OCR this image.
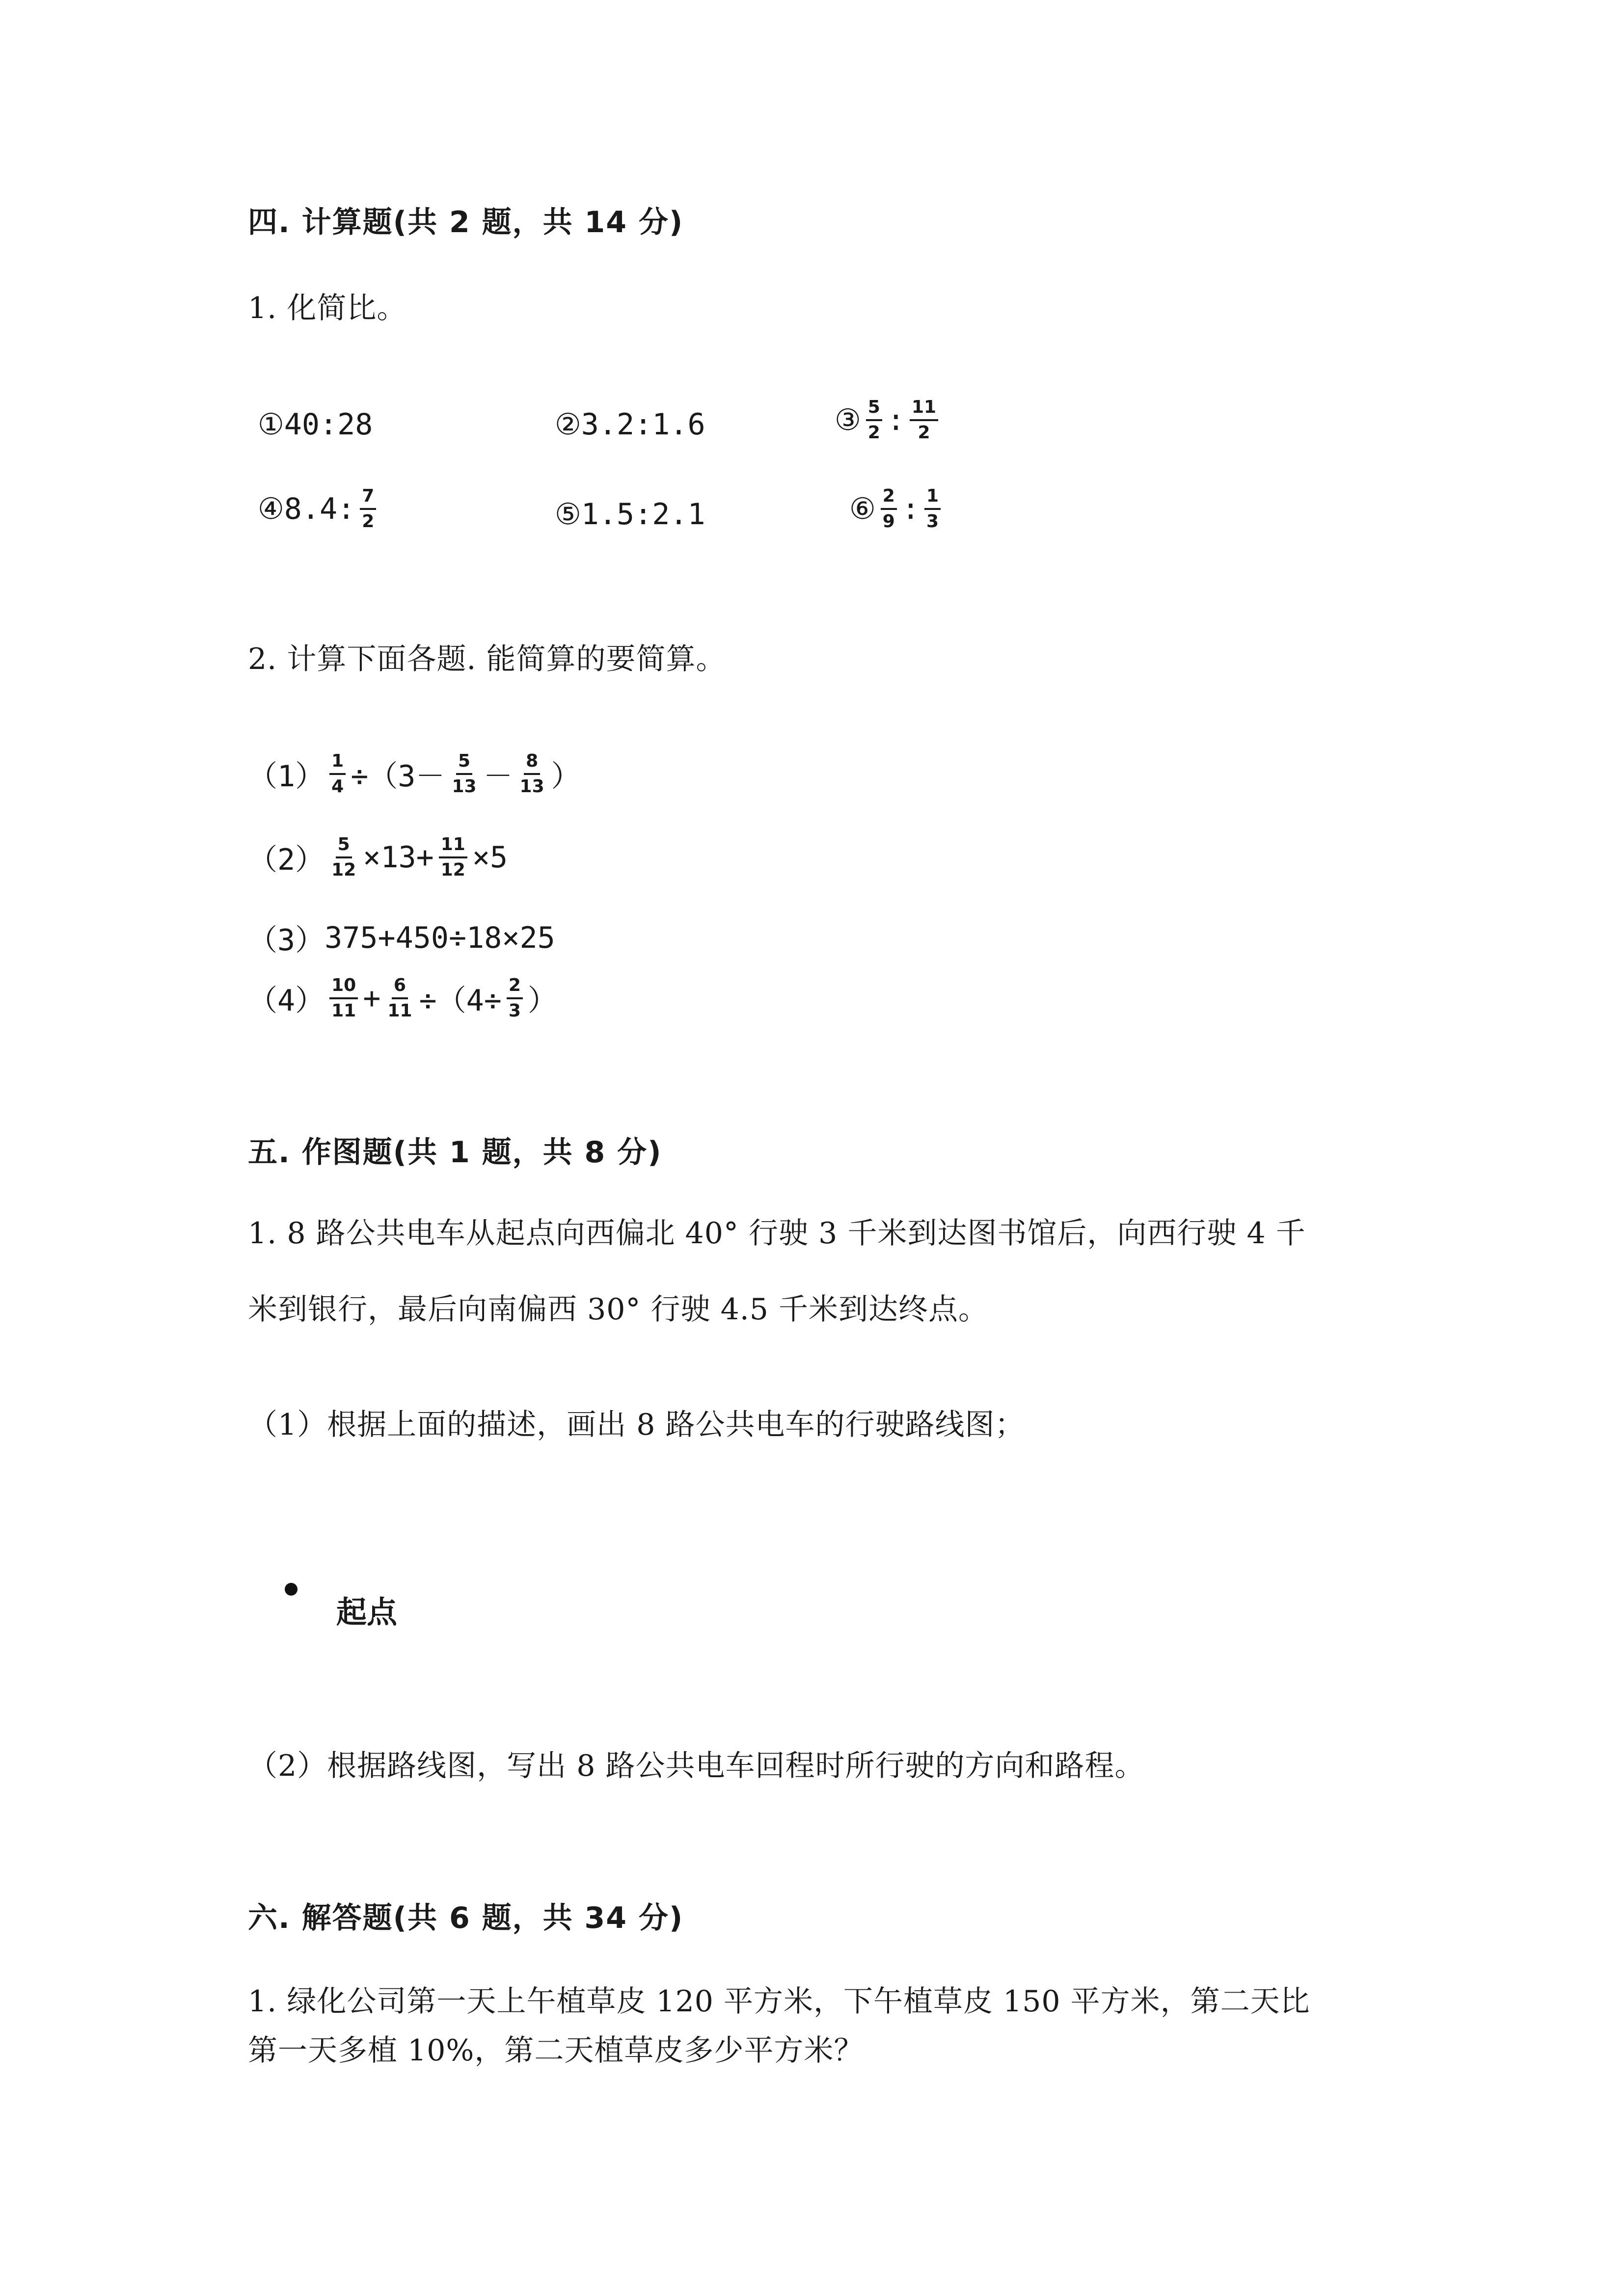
四. 计算题(共 2 题，共 14 分)
1. 化简比。
① 40:28	② 3.2:1.6	③ $\frac{5}{2}$ : $\frac{11}{2}$
④ 8.4: $\frac{7}{2}$	⑤ 1.5:2.1	⑥ $\frac{2}{9}$ : $\frac{1}{3}$
2. 计算下面各题. 能简算的要简算。
$(1) \frac{1}{4} \div(3- \frac{5}{13} - \frac{8}{13}$ ）
$(2) \frac{5}{12} \times 13+ \frac{11}{12} \times 5$
（3） 375+450÷18×25
$(4) \frac{10}{11} + \frac{6}{11} \div(4\div \frac{2}{3}$ ）
五. 作图题(共 1 题，共 8 分)
1. 8 路公共电车从起点向西偏北 40° 行驶 3 千米到达图书馆后，向西行驶 4 千
米到银行，最后向南偏西 30° 行驶 4.5 千米到达终点。
（1）根据上面的描述，画出 8 路公共电车的行驶路线图；
起点
（2）根据路线图，写出 8 路公共电车回程时所行驶的方向和路程。
六. 解答题(共 6 题，共 34 分)
1. 绿化公司第一天上午植草皮 120 平方米，下午植草皮 150 平方米，第二天比
第一天多植 10%，第二天植草皮多少平方米？
